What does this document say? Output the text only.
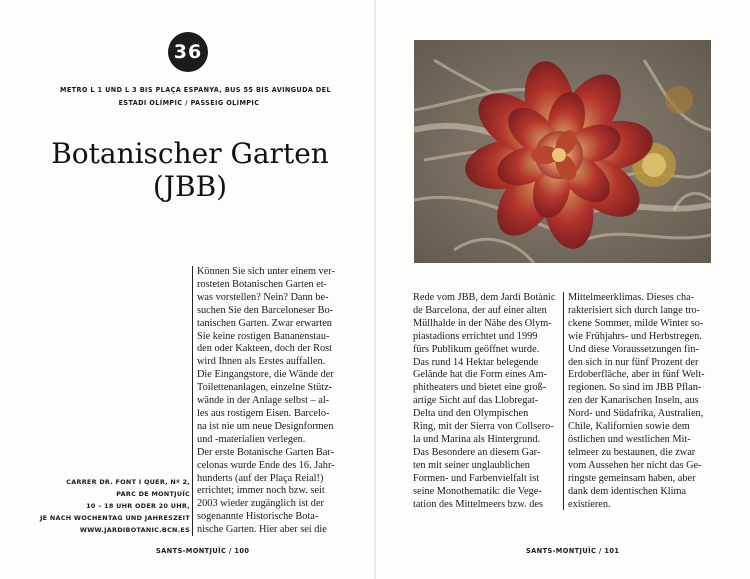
36
METRO L 1 UND L 3 BIS PLAÇA ESPANYA, BUS 55 BIS AVINGUDA DEL
ESTADI OLÍMPIC / PASSEIG OLÍMPIC
Botanischer Garten
(JBB)
CARRER DR. FONT I QUER, Nº 2,
PARC DE MONTJUÏC
10 – 18 UHR ODER 20 UHR,
JE NACH WOCHENTAG UND JAHRESZEIT
WWW.JARDIBOTANIC.BCN.ES
Können Sie sich unter einem ver-
rosteten Botanischen Garten et-
was vorstellen? Nein? Dann be-
suchen Sie den Barceloneser Bo-
tanischen Garten. Zwar erwarten
Sie keine rostigen Bananenstau-
den oder Kakteen, doch der Rost
wird Ihnen als Erstes auffallen.
Die Eingangstore, die Wände der
Toilettenanlagen, einzelne Stütz-
wände in der Anlage selbst – al-
les aus rostigem Eisen. Barcelo-
na ist nie um neue Designformen
und -materialien verlegen.
Der erste Botanische Garten Bar-
celonas wurde Ende des 16. Jahr-
hunderts (auf der Plaça Reial!)
errichtet; immer noch bzw. seit
2003 wieder zugänglich ist der
sogenannte Historische Bota-
nische Garten. Hier aber sei die
SANTS-MONTJUÏC / 100
Rede vom JBB, dem Jardí Botànic
de Barcelona, der auf einer alten
Müllhalde in der Nähe des Olym-
piastadions errichtet und 1999
fürs Publikum geöffnet wurde.
Das rund 14 Hektar belegende
Gelände hat die Form eines Am-
phitheaters und bietet eine groß-
artige Sicht auf das Llobregat-
Delta und den Olympischen
Ring, mit der Sierra von Collsero-
la und Marina als Hintergrund.
Das Besondere an diesem Gar-
ten mit seiner unglaublichen
Formen- und Farbenvielfalt ist
seine Monothematik: die Vege-
tation des Mittelmeers bzw. des
Mittelmeerklimas. Dieses cha-
rakterisiert sich durch lange tro-
ckene Sommer, milde Winter so-
wie Frühjahrs- und Herbstregen.
Und diese Voraussetzungen fin-
den sich in nur fünf Prozent der
Erdoberfläche, aber in fünf Welt-
regionen. So sind im JBB Pflan-
zen der Kanarischen Inseln, aus
Nord- und Südafrika, Australien,
Chile, Kalifornien sowie dem
östlichen und westlichen Mit-
telmeer zu bestaunen, die zwar
vom Aussehen her nicht das Ge-
ringste gemeinsam haben, aber
dank dem identischen Klima
existieren.
SANTS-MONTJUÏC / 101
